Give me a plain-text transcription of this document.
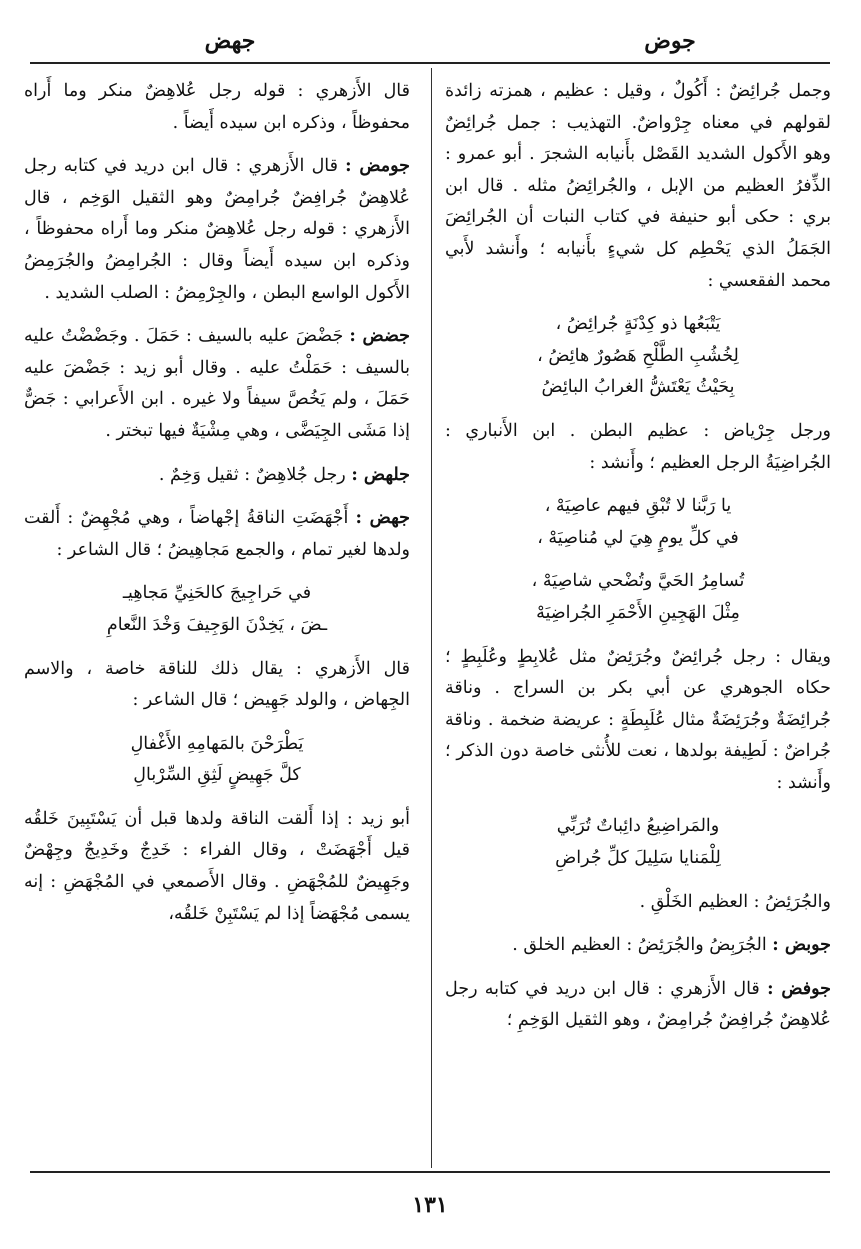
جوض
جهض

وجمل جُرائِضٌ : أَكُولٌ ، وقيل : عظيم ، همزته زائدة لقولهم في معناه جِرْواضٌ. التهذيب : جمل جُرائِضٌ وهو الأَكول الشديد القَصْل بأَنيابه الشجرَ . أبو عمرو : الذِّفرُ العظيم من الإبل ، والجُرائِضُ مثله . قال ابن بري : حكى أبو حنيفة في كتاب النبات أن الجُرائِضَ الجَمَلُ الذي يَحْطِم كل شيءٍ بأَنيابه ؛ وأَنشد لأَبي محمد الفقعسي :

يَتْبَعُها ذو كِدْنَةٍ جُرائِضُ ،
لِخُشُبِ الطَّلْحِ هَصُورٌ هائِضُ ،
بِحَيْثُ يَعْتَشُّ الغرابُ البائِضُ

ورجل جِرْياض : عظيم البطن . ابن الأَنباري : الجُراضِيَةُ الرجل العظيم ؛ وأَنشد :

يا رَبَّنا لا تُبْقِ فيهم عاصِيَهْ ،
في كلِّ يومٍ هِيَ لي مُناصِيَهْ ،
تُسامِرُ الحَيَّ وتُضْحي شاصِيَهْ ،
مِثْلَ الهَجِينِ الأَحْمَرِ الجُراضِيَهْ

ويقال : رجل جُرائِضٌ وجُرَئِضٌ مثل عُلابِطٍ وعُلَبِطٍ ؛ حكاه الجوهري عن أبي بكر بن السراج . وناقة جُرائِضَةٌ وجُرَئِضَةٌ مثال عُلَبِطَةٍ : عريضة ضخمة . وناقة جُراضٌ : لَطِيفة بولدها ، نعت للأُنثى خاصة دون الذكر ؛ وأَنشد :

والمَراضِيعُ دائِباتٌ تُرَبِّي
لِلْمَنايا سَلِيلَ كلِّ جُراضِ

والجُرَئِضُ : العظيم الخَلْقِ .

جوبض : الجُرَبِضُ والجُرَئِضُ : العظيم الخلق .

جوفض : قال الأَزهري : قال ابن دريد في كتابه رجل عُلاهِضٌ جُرافِضٌ جُرامِضٌ ، وهو الثقيل الوَخِمِ ؛

قال الأَزهري : قوله رجل عُلاهِضٌ منكر وما أَراه محفوظاً ، وذكره ابن سيده أَيضاً .

جومض : قال الأَزهري : قال ابن دريد في كتابه رجل عُلاهِضٌ جُرافِضٌ جُرامِضٌ وهو الثقيل الوَخِم ، قال الأَزهري : قوله رجل عُلاهِضٌ منكر وما أَراه محفوظاً ، وذكره ابن سيده أَيضاً وقال : الجُرامِضُ والجُرَمِضُ الأَكول الواسع البطن ، والجِرْمِضُ : الصلب الشديد .

جضض : جَضْضَ عليه بالسيف : حَمَلَ . وجَضْضْتُ عليه بالسيف : حَمَلْتُ عليه . وقال أبو زيد : جَضْضَ عليه حَمَلَ ، ولم يَخُصَّ سيفاً ولا غيره . ابن الأَعرابي : جَضٌّ إذا مَشَى الجِيَضَّى ، وهي مِشْيَةٌ فيها تبختر .

جلهض : رجل جُلاهِضٌ : ثقيل وَخِمٌ .

جهض : أَجْهَضَتِ الناقةُ إجْهاضاً ، وهي مُجْهِضٌ : أَلقت ولدها لغير تمام ، والجمع مَجاهِيضُ ؛ قال الشاعر :

في حَراجِيجَ كالحَنِيِّ مَجاهِيـ
ـضَ ، يَخِدْنَ الوَجِيفَ وَخْدَ النَّعامِ

قال الأَزهري : يقال ذلك للناقة خاصة ، والاسم الجِهاض ، والولد جَهِيض ؛ قال الشاعر :

يَطْرَحْنَ بالمَهامِهِ الأَغْفالِ
كلَّ جَهِيضٍ لَثِقِ السِّرْبالِ

أبو زيد : إذا أَلقت الناقة ولدها قبل أن يَسْتَبِينَ خَلقُه قيل أَجْهَضَتْ ، وقال الفراء : خَدِجٌ وخَدِيجٌ وجِهْضٌ وجَهِيضٌ للمُجْهَضِ . وقال الأَصمعي في المُجْهَضِ : إنه يسمى مُجْهَضاً إذا لم يَسْتَبِنْ خَلقُه،

١٣١
